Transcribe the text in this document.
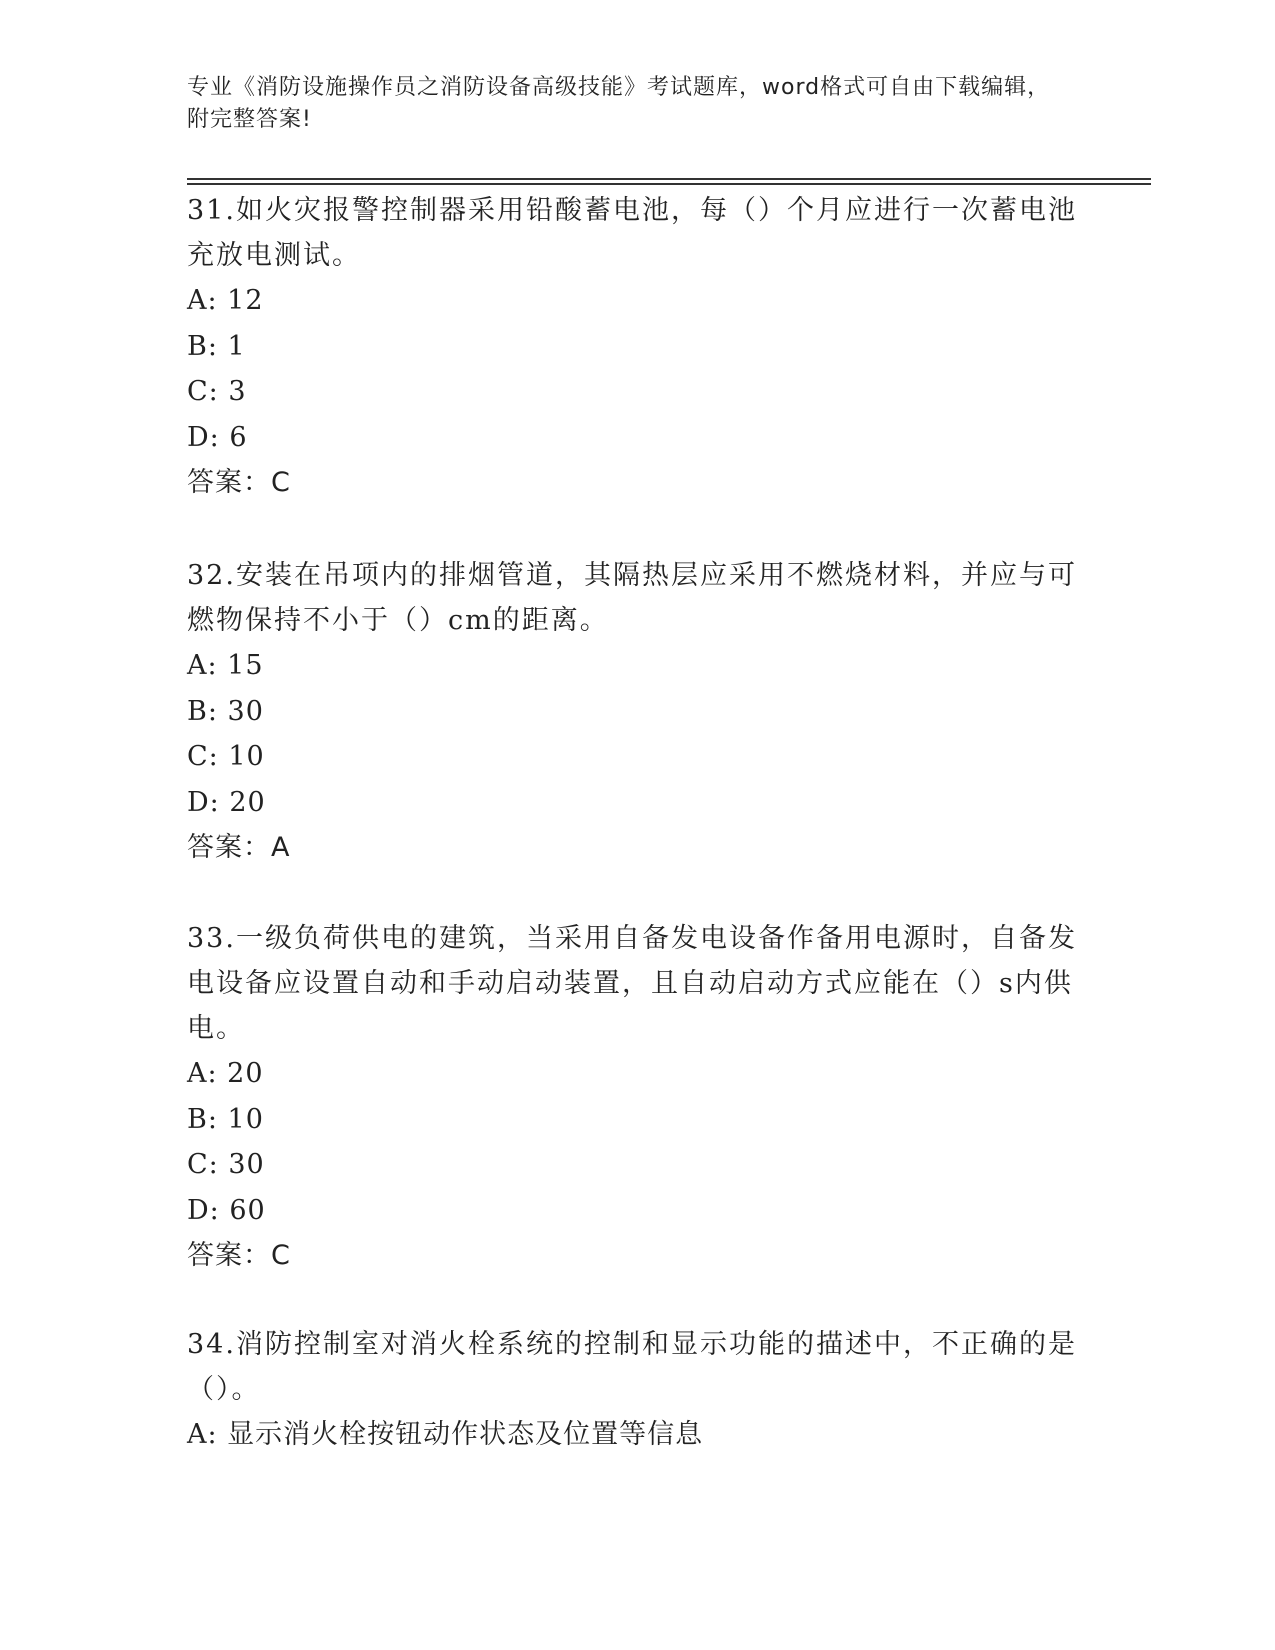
专业《消防设施操作员之消防设备高级技能》考试题库，word格式可自由下载编辑，附完整答案!

31.如火灾报警控制器采用铅酸蓄电池，每（）个月应进行一次蓄电池充放电测试。

A: 12

B: 1

C: 3

D: 6

答案：C

32.安装在吊项内的排烟管道，其隔热层应采用不燃烧材料，并应与可燃物保持不小于（）cm的距离。

A: 15

B: 30

C: 10

D: 20

答案：A

33.一级负荷供电的建筑，当采用自备发电设备作备用电源时，自备发电设备应设置自动和手动启动装置，且自动启动方式应能在（）s内供电。

A: 20

B: 10

C: 30

D: 60

答案：C

34.消防控制室对消火栓系统的控制和显示功能的描述中，不正确的是（）。

A: 显示消火栓按钮动作状态及位置等信息
